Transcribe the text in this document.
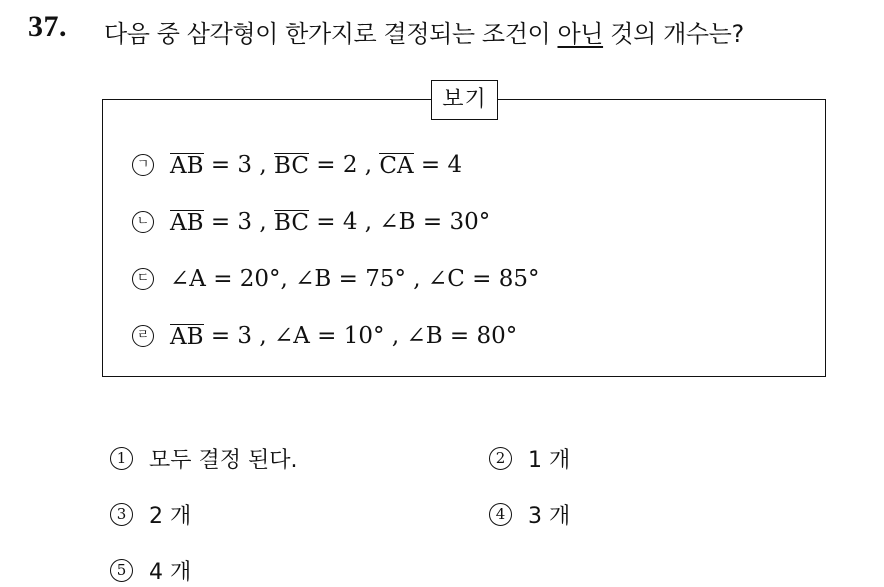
37. 다음 중 삼각형이 한가지로 결정되는 조건이 아닌 것의 개수는?
보기
ㄱ AB = 3 , BC = 2 , CA = 4
ㄴ AB = 3 , BC = 4 , ∠B = 30°
ㄷ ∠A = 20°, ∠B = 75° , ∠C = 85°
ㄹ AB = 3 , ∠A = 10° , ∠B = 80°
1	모두 결정 된다.	2	1 개
3	2 개	4	3 개
5	4 개
